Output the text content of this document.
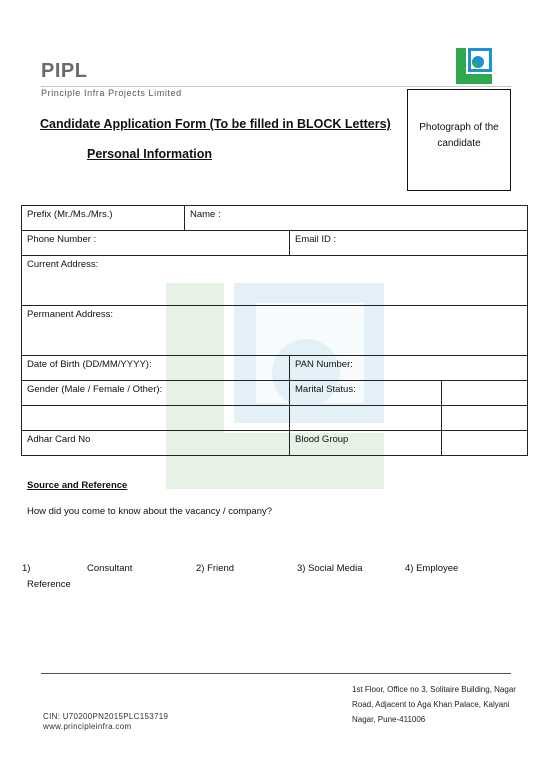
PIPL
Principle Infra Projects Limited
Candidate Application Form (To be filled in BLOCK Letters)
Personal Information
Photograph of the candidate
Prefix (Mr./Ms./Mrs.)	Name :		
Phone Number :		Email ID :	
Current Address:			
Permanent Address:			
Date of Birth (DD/MM/YYYY):		PAN Number:	
Gender (Male / Female / Other):		Marital Status:	

Adhar Card No		Blood Group	
Source and Reference
How did you come to know about the vacancy / company?
1)	Consultant	2) Friend	3) Social Media	4) Employee
Reference
1st Floor, Office no 3, Solitaire Building, Nagar Road, Adjacent to Aga Khan Palace, Kalyani Nagar, Pune-411006
CIN: U70200PN2015PLC153719
www.principleinfra.com
